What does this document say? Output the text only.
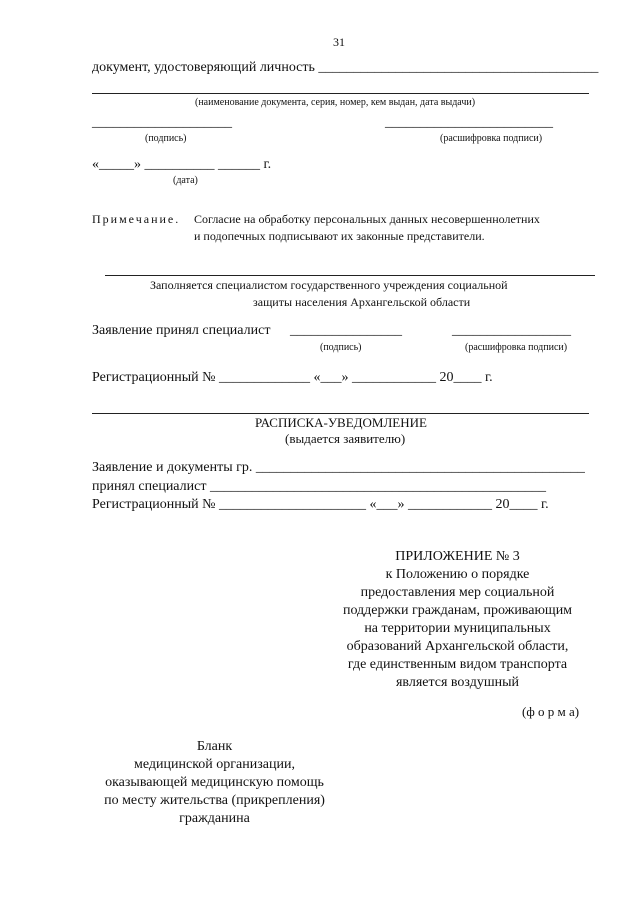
31
документ, удостоверяющий личность ________________________________________
(наименование документа, серия, номер, кем выдан, дата выдачи)
____________________
(подпись)
________________________
(расшифровка подписи)
«_____» __________ ______ г.
(дата)
Примечание. Согласие на обработку персональных данных несовершеннолетних
и подопечных подписывают их законные представители.
Заполняется специалистом государственного учреждения социальной
защиты населения Архангельской области
Заявление принял специалист ________________	_________________
(подпись)	(расшифровка подписи)
Регистрационный № _____________ «___» ____________ 20____ г.
РАСПИСКА-УВЕДОМЛЕНИЕ
(выдается заявителю)
Заявление и документы гр. _______________________________________________
принял специалист ________________________________________________
Регистрационный № _____________________ «___» ____________ 20____ г.
ПРИЛОЖЕНИЕ № 3
к Положению о порядке
предоставления мер социальной
поддержки гражданам, проживающим
на территории муниципальных
образований Архангельской области,
где единственным видом транспорта
является воздушный
(ф о р м а)
Бланк
медицинской организации,
оказывающей медицинскую помощь
по месту жительства (прикрепления)
гражданина
